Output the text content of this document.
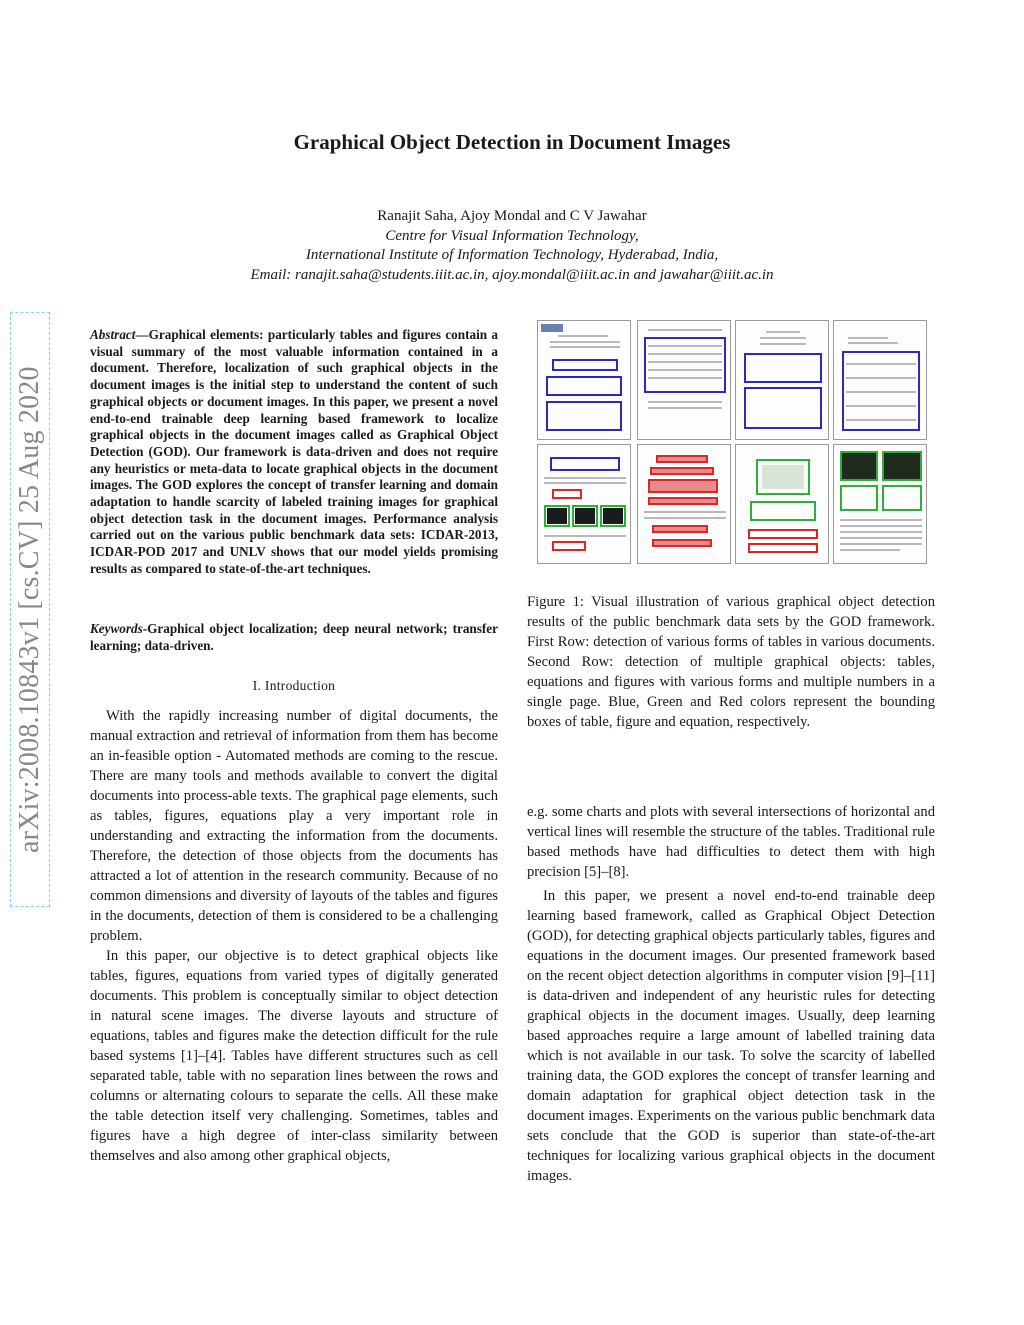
Graphical Object Detection in Document Images
Ranajit Saha, Ajoy Mondal and C V Jawahar
Centre for Visual Information Technology,
International Institute of Information Technology, Hyderabad, India,
Email: ranajit.saha@students.iiit.ac.in, ajoy.mondal@iiit.ac.in and jawahar@iiit.ac.in
arXiv:2008.10843v1 [cs.CV] 25 Aug 2020

Abstract—Graphical elements: particularly tables and figures contain a visual summary of the most valuable information contained in a document. Therefore, localization of such graphical objects in the document images is the initial step to understand the content of such graphical objects or document images. In this paper, we present a novel end-to-end trainable deep learning based framework to localize graphical objects in the document images called as Graphical Object Detection (GOD). Our framework is data-driven and does not require any heuristics or meta-data to locate graphical objects in the document images. The GOD explores the concept of transfer learning and domain adaptation to handle scarcity of labeled training images for graphical object detection task in the document images. Performance analysis carried out on the various public benchmark data sets: ICDAR-2013, ICDAR-POD 2017 and UNLV shows that our model yields promising results as compared to state-of-the-art techniques.

Keywords-Graphical object localization; deep neural network; transfer learning; data-driven.

I. Introduction

With the rapidly increasing number of digital documents, the manual extraction and retrieval of information from them has become an in-feasible option - Automated methods are coming to the rescue. There are many tools and methods available to convert the digital documents into process-able texts. The graphical page elements, such as tables, figures, equations play a very important role in understanding and extracting the information from the documents. Therefore, the detection of those objects from the documents has attracted a lot of attention in the research community. Because of no common dimensions and diversity of layouts of the tables and figures in the documents, detection of them is considered to be a challenging problem.

In this paper, our objective is to detect graphical objects like tables, figures, equations from varied types of digitally generated documents. This problem is conceptually similar to object detection in natural scene images. The diverse layouts and structure of equations, tables and figures make the detection difficult for the rule based systems [1]–[4]. Tables have different structures such as cell separated table, table with no separation lines between the rows and columns or alternating colours to separate the cells. All these make the table detection itself very challenging. Sometimes, tables and figures have a high degree of inter-class similarity between themselves and also among other graphical objects,

Figure 1: Visual illustration of various graphical object detection results of the public benchmark data sets by the GOD framework. First Row: detection of various forms of tables in various documents. Second Row: detection of multiple graphical objects: tables, equations and figures with various forms and multiple numbers in a single page. Blue, Green and Red colors represent the bounding boxes of table, figure and equation, respectively.

e.g. some charts and plots with several intersections of horizontal and vertical lines will resemble the structure of the tables. Traditional rule based methods have had difficulties to detect them with high precision [5]–[8].

In this paper, we present a novel end-to-end trainable deep learning based framework, called as Graphical Object Detection (GOD), for detecting graphical objects particularly tables, figures and equations in the document images. Our presented framework based on the recent object detection algorithms in computer vision [9]–[11] is data-driven and independent of any heuristic rules for detecting graphical objects in the document images. Usually, deep learning based approaches require a large amount of labelled training data which is not available in our task. To solve the scarcity of labelled training data, the GOD explores the concept of transfer learning and domain adaptation for graphical object detection task in the document images. Experiments on the various public benchmark data sets conclude that the GOD is superior than state-of-the-art techniques for localizing various graphical objects in the document images.
